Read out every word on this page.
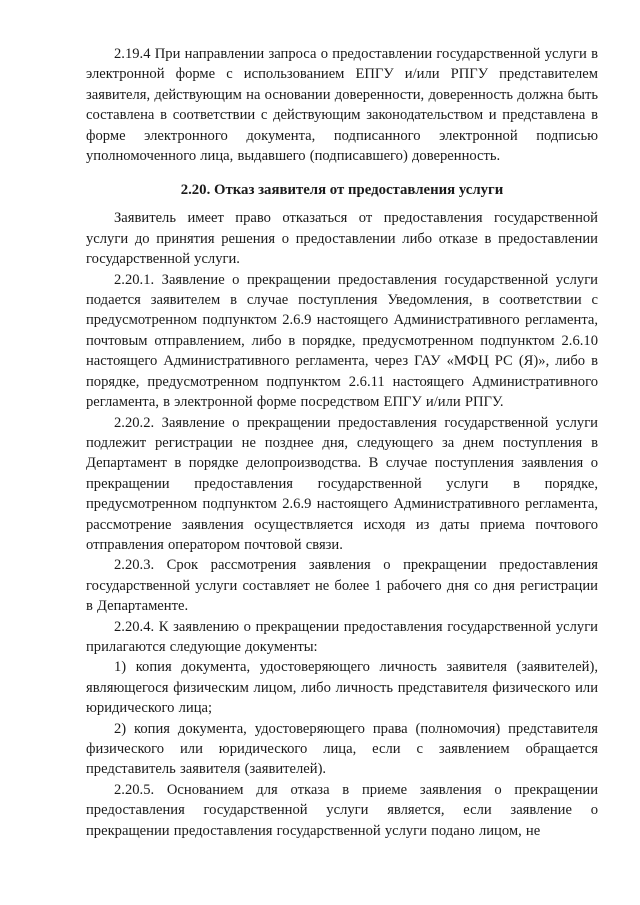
2.19.4 При направлении запроса о предоставлении государственной услуги в электронной форме с использованием ЕПГУ и/или РПГУ представителем заявителя, действующим на основании доверенности, доверенность должна быть составлена в соответствии с действующим законодательством и представлена в форме электронного документа, подписанного электронной подписью уполномоченного лица, выдавшего (подписавшего) доверенность.

2.20. Отказ заявителя от предоставления услуги

Заявитель имеет право отказаться от предоставления государственной услуги до принятия решения о предоставлении либо отказе в предоставлении государственной услуги.

2.20.1. Заявление о прекращении предоставления государственной услуги подается заявителем в случае поступления Уведомления, в соответствии с предусмотренном подпунктом 2.6.9 настоящего Административного регламента, почтовым отправлением, либо в порядке, предусмотренном подпунктом 2.6.10 настоящего Административного регламента, через ГАУ «МФЦ РС (Я)», либо в порядке, предусмотренном подпунктом 2.6.11 настоящего Административного регламента, в электронной форме посредством ЕПГУ и/или РПГУ.

2.20.2. Заявление о прекращении предоставления государственной услуги подлежит регистрации не позднее дня, следующего за днем поступления в Департамент в порядке делопроизводства. В случае поступления заявления о прекращении предоставления государственной услуги в порядке, предусмотренном подпунктом 2.6.9 настоящего Административного регламента, рассмотрение заявления осуществляется исходя из даты приема почтового отправления оператором почтовой связи.

2.20.3. Срок рассмотрения заявления о прекращении предоставления государственной услуги составляет не более 1 рабочего дня со дня регистрации в Департаменте.

2.20.4. К заявлению о прекращении предоставления государственной услуги прилагаются следующие документы:

1) копия документа, удостоверяющего личность заявителя (заявителей), являющегося физическим лицом, либо личность представителя физического или юридического лица;

2) копия документа, удостоверяющего права (полномочия) представителя физического или юридического лица, если с заявлением обращается представитель заявителя (заявителей).

2.20.5. Основанием для отказа в приеме заявления о прекращении предоставления государственной услуги является, если заявление о прекращении предоставления государственной услуги подано лицом, не
